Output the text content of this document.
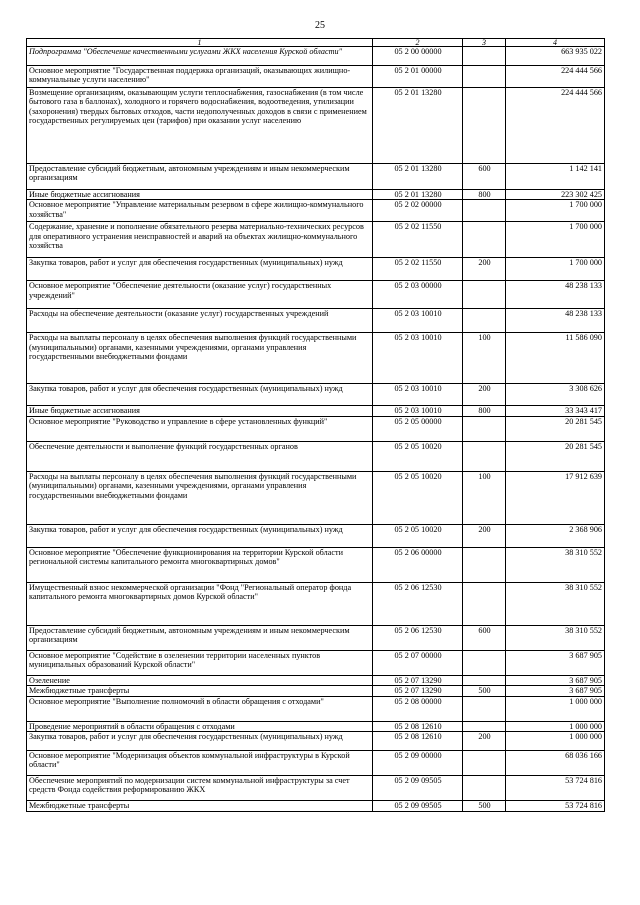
25
1	2	3	4
Подпрограмма "Обеспечение качественными услугами ЖКХ населения Курской области"	05 2 00 00000		663 935 022
Основное мероприятие "Государственная поддержка организаций, оказывающих жилищно-коммунальные услуги населению"	05 2 01 00000		224 444 566
Возмещение организациям, оказывающим услуги теплоснабжения, газоснабжения (в том числе бытового газа в баллонах), холодного и горячего водоснабжения, водоотведения, утилизации (захоронения) твердых бытовых отходов, части недополученных доходов в связи с применением государственных регулируемых цен (тарифов) при оказании услуг населению	05 2 01 13280		224 444 566
Предоставление субсидий бюджетным, автономным учреждениям и иным некоммерческим организациям	05 2 01 13280	600	1 142 141
Иные бюджетные ассигнования	05 2 01 13280	800	223 302 425
Основное мероприятие "Управление материальным резервом в сфере жилищно-коммунального хозяйства"	05 2 02 00000		1 700 000
Содержание, хранение и пополнение обязательного резерва материально-технических ресурсов для оперативного устранения неисправностей и аварий на объектах жилищно-коммунального хозяйства	05 2 02 11550		1 700 000
Закупка товаров, работ и услуг для обеспечения государственных (муниципальных) нужд	05 2 02 11550	200	1 700 000
Основное мероприятие "Обеспечение деятельности (оказание услуг) государственных учреждений"	05 2 03 00000		48 238 133
Расходы на обеспечение деятельности (оказание услуг) государственных учреждений	05 2 03 10010		48 238 133
Расходы на выплаты персоналу в целях обеспечения выполнения функций государственными (муниципальными) органами, казенными учреждениями, органами управления государственными внебюджетными фондами	05 2 03 10010	100	11 586 090
Закупка товаров, работ и услуг для обеспечения государственных (муниципальных) нужд	05 2 03 10010	200	3 308 626
Иные бюджетные ассигнования	05 2 03 10010	800	33 343 417
Основное мероприятие "Руководство и управление в сфере установленных функций"	05 2 05 00000		20 281 545
Обеспечение деятельности и выполнение функций государственных органов	05 2 05 10020		20 281 545
Расходы на выплаты персоналу в целях обеспечения выполнения функций государственными (муниципальными) органами, казенными учреждениями, органами управления государственными внебюджетными фондами	05 2 05 10020	100	17 912 639
Закупка товаров, работ и услуг для обеспечения государственных (муниципальных) нужд	05 2 05 10020	200	2 368 906
Основное мероприятие "Обеспечение функционирования на территории Курской области региональной системы капитального ремонта многоквартирных домов"	05 2 06 00000		38 310 552
Имущественный взнос некоммерческой организации "Фонд "Региональный оператор фонда капитального ремонта многоквартирных домов Курской области"	05 2 06 12530		38 310 552
Предоставление субсидий бюджетным, автономным учреждениям и иным некоммерческим организациям	05 2 06 12530	600	38 310 552
Основное мероприятие "Содействие в озеленении территории населенных пунктов муниципальных образований Курской области"	05 2 07 00000		3 687 905
Озеленение	05 2 07 13290		3 687 905
Межбюджетные трансферты	05 2 07 13290	500	3 687 905
Основное мероприятие "Выполнение полномочий в области обращения с отходами"	05 2 08 00000		1 000 000
Проведение мероприятий в области обращения с отходами	05 2 08 12610		1 000 000
Закупка товаров, работ и услуг для обеспечения государственных (муниципальных) нужд	05 2 08 12610	200	1 000 000
Основное мероприятие "Модернизация объектов коммунальной инфраструктуры в Курской области"	05 2 09 00000		68 036 166
Обеспечение мероприятий по модернизации систем коммунальной инфраструктуры за счет средств Фонда содействия реформированию ЖКХ	05 2 09 09505		53 724 816
Межбюджетные трансферты	05 2 09 09505	500	53 724 816
